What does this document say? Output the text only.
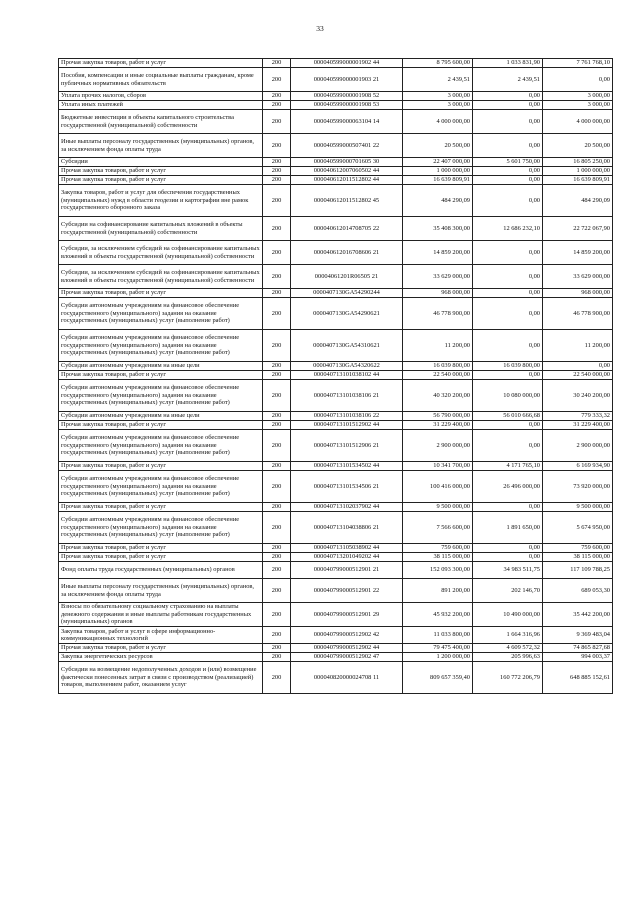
33
Прочая закупка товаров, работ и услуг	200	000040599000001902 44	8 795 600,00	1 033 831,90	7 761 768,10
Пособия, компенсации и иные социальные выплаты гражданам, кроме публичных нормативных обязательств	200	000040599000001903 21	2 439,51	2 439,51	0,00
Уплата прочих налогов, сборов	200	000040599000001908 52	3 000,00	0,00	3 000,00
Уплата иных платежей	200	000040599000001908 53	3 000,00	0,00	3 000,00
Бюджетные инвестиции в объекты капитального строительства государственной (муниципальной) собственности	200	000040599000063104 14	4 000 000,00	0,00	4 000 000,00
Иные выплаты персоналу государственных (муниципальных) органов, за исключением фонда оплаты труда	200	000040599000507401 22	20 500,00	0,00	20 500,00
Субсидии	200	000040599000701605 30	22 407 000,00	5 601 750,00	16 805 250,00
Прочая закупка товаров, работ и услуг	200	000040612007060502 44	1 000 000,00	0,00	1 000 000,00
Прочая закупка товаров, работ и услуг	200	000040612011512802 44	16 639 809,91	0,00	16 639 809,91
Закупка товаров, работ и услуг для обеспечения государственных (муниципальных) нужд в области геодезии и картографии вне рамок государственного оборонного заказа	200	000040612011512802 45	484 290,09	0,00	484 290,09
Субсидии на софинансирование капитальных вложений в объекты государственной (муниципальной) собственности	200	000040612014708705 22	35 408 300,00	12 686 232,10	22 722 067,90
Субсидии, за исключением субсидий на софинансирование капитальных вложений в объекты государственной (муниципальной) собственности	200	000040612016708606 21	14 859 200,00	0,00	14 859 200,00
Субсидии, за исключением субсидий на софинансирование капитальных вложений в объекты государственной (муниципальной) собственности	200	00004061201R06505 21	33 629 000,00	0,00	33 629 000,00
Прочая закупка товаров, работ и услуг	200	0000407130GA54290244	968 000,00	0,00	968 000,00
Субсидии автономным учреждениям на финансовое обеспечение государственного (муниципального) задания на оказание государственных (муниципальных) услуг (выполнение работ)	200	0000407130GA54290621	46 778 900,00	0,00	46 778 900,00
Субсидии автономным учреждениям на финансовое обеспечение государственного (муниципального) задания на оказание государственных (муниципальных) услуг (выполнение работ)	200	0000407130GA54310621	11 200,00	0,00	11 200,00
Субсидии автономным учреждениям на иные цели	200	0000407130GA54320622	16 039 800,00	16 039 800,00	0,00
Прочая закупка товаров, работ и услуг	200	000040713101038102 44	22 540 000,00	0,00	22 540 000,00
Субсидии автономным учреждениям на финансовое обеспечение государственного (муниципального) задания на оказание государственных (муниципальных) услуг (выполнение работ)	200	000040713101038106 21	40 320 200,00	10 080 000,00	30 240 200,00
Субсидии автономным учреждениям на иные цели	200	000040713101038106 22	56 790 000,00	56 010 666,68	779 333,32
Прочая закупка товаров, работ и услуг	200	000040713101512902 44	31 229 400,00	0,00	31 229 400,00
Субсидии автономным учреждениям на финансовое обеспечение государственного (муниципального) задания на оказание государственных (муниципальных) услуг (выполнение работ)	200	000040713101512906 21	2 900 000,00	0,00	2 900 000,00
Прочая закупка товаров, работ и услуг	200	000040713101534502 44	10 341 700,00	4 171 765,10	6 169 934,90
Субсидии автономным учреждениям на финансовое обеспечение государственного (муниципального) задания на оказание государственных (муниципальных) услуг (выполнение работ)	200	000040713101534506 21	100 416 000,00	26 496 000,00	73 920 000,00
Прочая закупка товаров, работ и услуг	200	000040713102037902 44	9 500 000,00	0,00	9 500 000,00
Субсидии автономным учреждениям на финансовое обеспечение государственного (муниципального) задания на оказание государственных (муниципальных) услуг (выполнение работ)	200	000040713104038806 21	7 566 600,00	1 891 650,00	5 674 950,00
Прочая закупка товаров, работ и услуг	200	000040713105038902 44	759 600,00	0,00	759 600,00
Прочая закупка товаров, работ и услуг	200	000040713201049202 44	38 115 000,00	0,00	38 115 000,00
Фонд оплаты труда государственных (муниципальных) органов	200	000040799000512901 21	152 093 300,00	34 983 511,75	117 109 788,25
Иные выплаты персоналу государственных (муниципальных) органов, за исключением фонда оплаты труда	200	000040799000512901 22	891 200,00	202 146,70	689 053,30
Взносы по обязательному социальному страхованию на выплаты денежного содержания и иные выплаты работникам государственных (муниципальных) органов	200	000040799000512901 29	45 932 200,00	10 490 000,00	35 442 200,00
Закупка товаров, работ и услуг в сфере информационно-коммуникационных технологий	200	000040799000512902 42	11 033 800,00	1 664 316,96	9 369 483,04
Прочая закупка товаров, работ и услуг	200	000040799000512902 44	79 475 400,00	4 609 572,32	74 865 827,68
Закупка энергетических ресурсов	200	000040799000512902 47	1 200 000,00	205 996,63	994 003,37
Субсидии на возмещение недополученных доходов и (или) возмещение фактически понесенных затрат в связи с производством (реализацией) товаров, выполнением работ, оказанием услуг	200	000040820000024708 11	809 657 359,40	160 772 206,79	648 885 152,61
